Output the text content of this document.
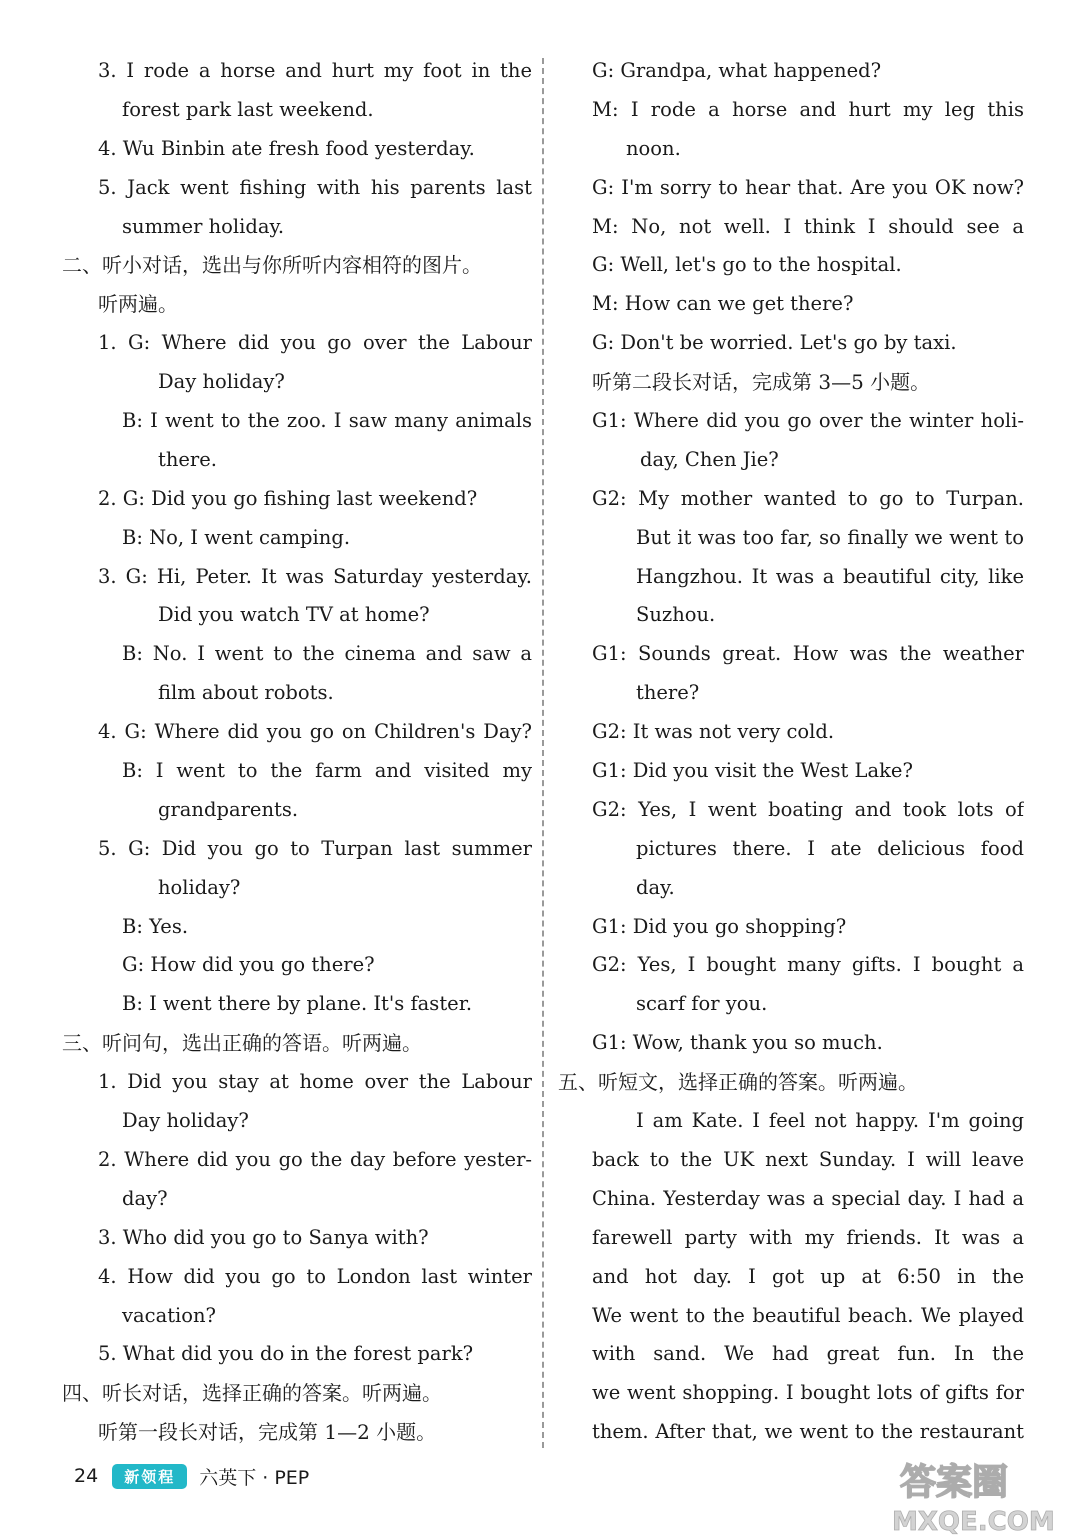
3. I rode a horse and hurt my foot in the
forest park last weekend.
4. Wu Binbin ate fresh food yesterday.
5. Jack went fishing with his parents last
summer holiday.
二、听小对话，选出与你所听内容相符的图片。
听两遍。
1. G: Where did you go over the Labour
Day holiday?
B: I went to the zoo. I saw many animals
there.
2. G: Did you go fishing last weekend?
B: No, I went camping.
3. G: Hi, Peter. It was Saturday yesterday.
Did you watch TV at home?
B: No. I went to the cinema and saw a
film about robots.
4. G: Where did you go on Children's Day?
B: I went to the farm and visited my
grandparents.
5. G: Did you go to Turpan last summer
holiday?
B: Yes.
G: How did you go there?
B: I went there by plane. It's faster.
三、听问句，选出正确的答语。听两遍。
1. Did you stay at home over the Labour
Day holiday?
2. Where did you go the day before yester-
day?
3. Who did you go to Sanya with?
4. How did you go to London last winter
vacation?
5. What did you do in the forest park?
四、听长对话，选择正确的答案。听两遍。
听第一段长对话，完成第 1—2 小题。
G: Grandpa, what happened?
M: I rode a horse and hurt my leg this
noon.
G: I'm sorry to hear that. Are you OK now?
M: No, not well. I think I should see a
G: Well, let's go to the hospital.
M: How can we get there?
G: Don't be worried. Let's go by taxi.
听第二段长对话，完成第 3—5 小题。
G1: Where did you go over the winter holi-
day, Chen Jie?
G2: My mother wanted to go to Turpan.
But it was too far, so finally we went to
Hangzhou. It was a beautiful city, like
Suzhou.
G1: Sounds great. How was the weather
there?
G2: It was not very cold.
G1: Did you visit the West Lake?
G2: Yes, I went boating and took lots of
pictures there. I ate delicious food
day.
G1: Did you go shopping?
G2: Yes, I bought many gifts. I bought a
scarf for you.
G1: Wow, thank you so much.
五、听短文，选择正确的答案。听两遍。
I am Kate. I feel not happy. I'm going
back to the UK next Sunday. I will leave
China. Yesterday was a special day. I had a
farewell party with my friends. It was a
and hot day. I got up at 6:50 in the
We went to the beautiful beach. We played
with sand. We had great fun. In the
we went shopping. I bought lots of gifts for
them. After that, we went to the restaurant
24	新领程	六英下 · PEP	答案圈
MXQE.COM
